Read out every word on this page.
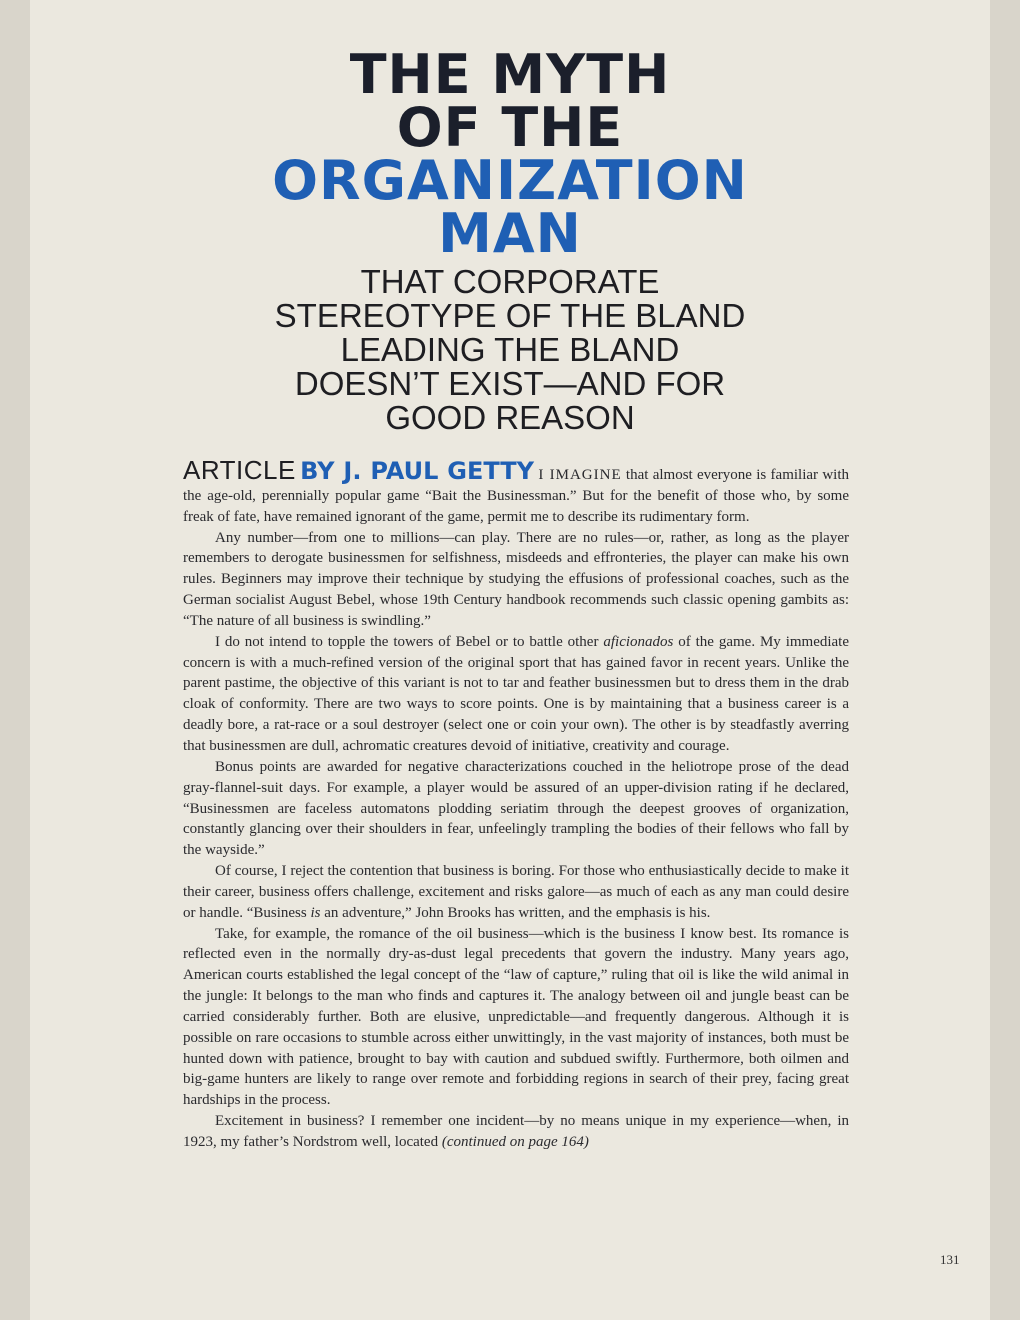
THE MYTH
OF THE
ORGANIZATION
MAN
THAT CORPORATE
STEREOTYPE OF THE BLAND
LEADING THE BLAND
DOESN’T EXIST—AND FOR
GOOD REASON

ARTICLE BY J. PAUL GETTY I IMAGINE that almost everyone is familiar with the age-old, perennially popular game “Bait the Businessman.” But for the benefit of those who, by some freak of fate, have remained ignorant of the game, permit me to describe its rudimentary form.

Any number—from one to millions—can play. There are no rules—or, rather, as long as the player remembers to derogate businessmen for selfishness, misdeeds and effronteries, the player can make his own rules. Beginners may improve their technique by studying the effusions of professional coaches, such as the German socialist August Bebel, whose 19th Century handbook recommends such classic opening gambits as: “The nature of all business is swindling.”

I do not intend to topple the towers of Bebel or to battle other aficionados of the game. My immediate concern is with a much-refined version of the original sport that has gained favor in recent years. Unlike the parent pastime, the objective of this variant is not to tar and feather businessmen but to dress them in the drab cloak of conformity. There are two ways to score points. One is by maintaining that a business career is a deadly bore, a rat-race or a soul destroyer (select one or coin your own). The other is by steadfastly averring that businessmen are dull, achromatic creatures devoid of initiative, creativity and courage.

Bonus points are awarded for negative characterizations couched in the heliotrope prose of the dead gray-flannel-suit days. For example, a player would be assured of an upper-division rating if he declared, “Businessmen are faceless automatons plodding seriatim through the deepest grooves of organization, constantly glancing over their shoulders in fear, unfeelingly trampling the bodies of their fellows who fall by the wayside.”

Of course, I reject the contention that business is boring. For those who enthusiastically decide to make it their career, business offers challenge, excitement and risks galore—as much of each as any man could desire or handle. “Business is an adventure,” John Brooks has written, and the emphasis is his.

Take, for example, the romance of the oil business—which is the business I know best. Its romance is reflected even in the normally dry-as-dust legal precedents that govern the industry. Many years ago, American courts established the legal concept of the “law of capture,” ruling that oil is like the wild animal in the jungle: It belongs to the man who finds and captures it. The analogy between oil and jungle beast can be carried considerably further. Both are elusive, unpredictable—and frequently dangerous. Although it is possible on rare occasions to stumble across either unwittingly, in the vast majority of instances, both must be hunted down with patience, brought to bay with caution and subdued swiftly. Furthermore, both oilmen and big-game hunters are likely to range over remote and forbidding regions in search of their prey, facing great hardships in the process.

Excitement in business? I remember one incident—by no means unique in my experience—when, in 1923, my father’s Nordstrom well, located (continued on page 164)

131
